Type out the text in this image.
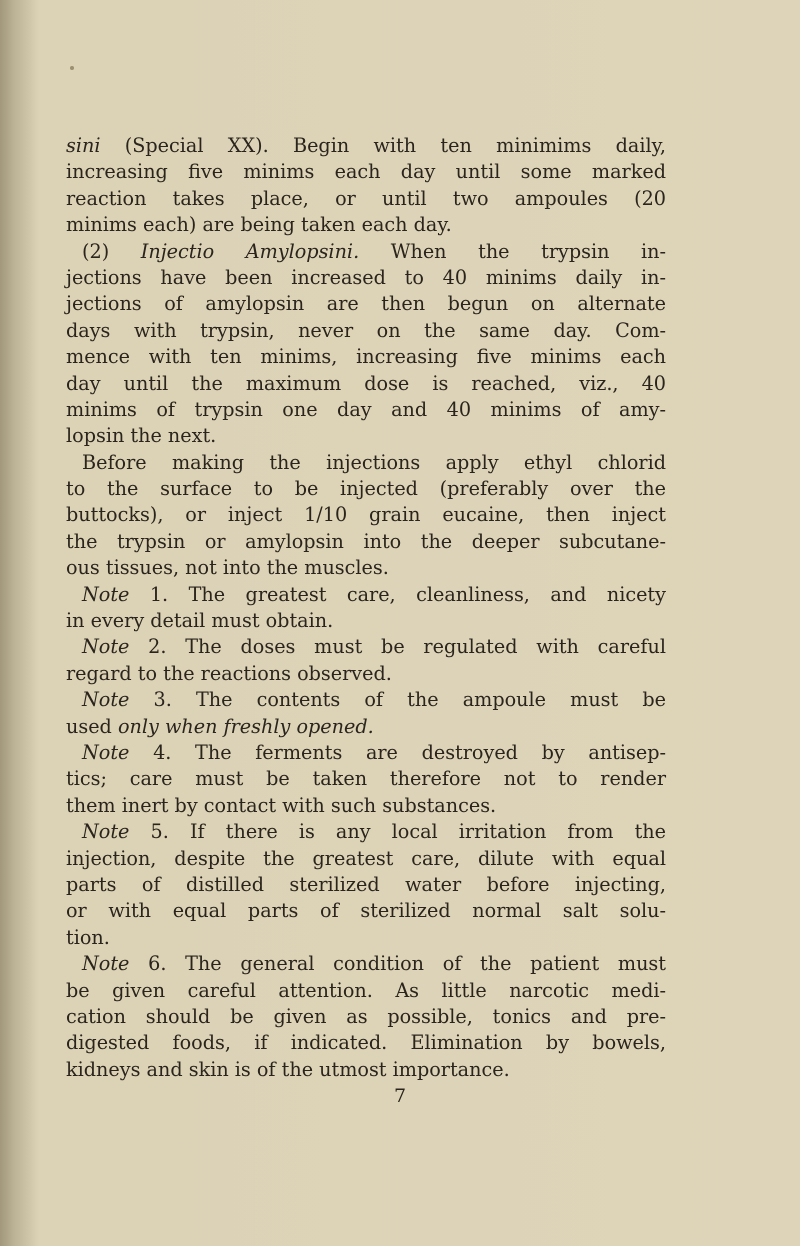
sini (Special XX). Begin with ten minimims daily,
increasing five minims each day until some marked
reaction takes place, or until two ampoules (20
minims each) are being taken each day.
(2) Injectio Amylopsini. When the trypsin in-
jections have been increased to 40 minims daily in-
jections of amylopsin are then begun on alternate
days with trypsin, never on the same day. Com-
mence with ten minims, increasing five minims each
day until the maximum dose is reached, viz., 40
minims of trypsin one day and 40 minims of amy-
lopsin the next.
Before making the injections apply ethyl chlorid
to the surface to be injected (preferably over the
buttocks), or inject 1/10 grain eucaine, then inject
the trypsin or amylopsin into the deeper subcutane-
ous tissues, not into the muscles.
Note 1. The greatest care, cleanliness, and nicety
in every detail must obtain.
Note 2. The doses must be regulated with careful
regard to the reactions observed.
Note 3. The contents of the ampoule must be
used only when freshly opened.
Note 4. The ferments are destroyed by antisep-
tics; care must be taken therefore not to render
them inert by contact with such substances.
Note 5. If there is any local irritation from the
injection, despite the greatest care, dilute with equal
parts of distilled sterilized water before injecting,
or with equal parts of sterilized normal salt solu-
tion.
Note 6. The general condition of the patient must
be given careful attention. As little narcotic medi-
cation should be given as possible, tonics and pre-
digested foods, if indicated. Elimination by bowels,
kidneys and skin is of the utmost importance.
7
